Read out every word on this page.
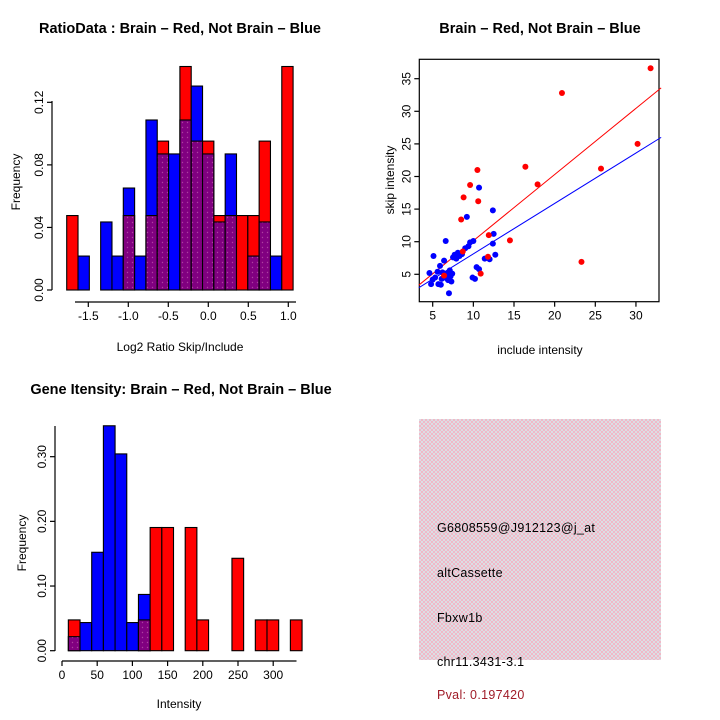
0.00
0.04
0.08
0.12
-1.5 -1.0 -0.5 0.0 0.5 1.0
Frequency
Log2 Ratio Skip/Include
RatioData : Brain – Red, Not Brain – Blue
5	10 15 20 25 30
5
10
15
20
25
30
35
skip intensity
include intensity
Brain – Red, Not Brain – Blue
0.00
0.10
0.20
0.30
0 50 100 150 200 250 300
Frequency
Intensity
Gene Itensity: Brain – Red, Not Brain – Blue
G6808559@J912123@j_at
altCassette
Fbxw1b
chr11.3431-3.1
Pval: 0.197420
